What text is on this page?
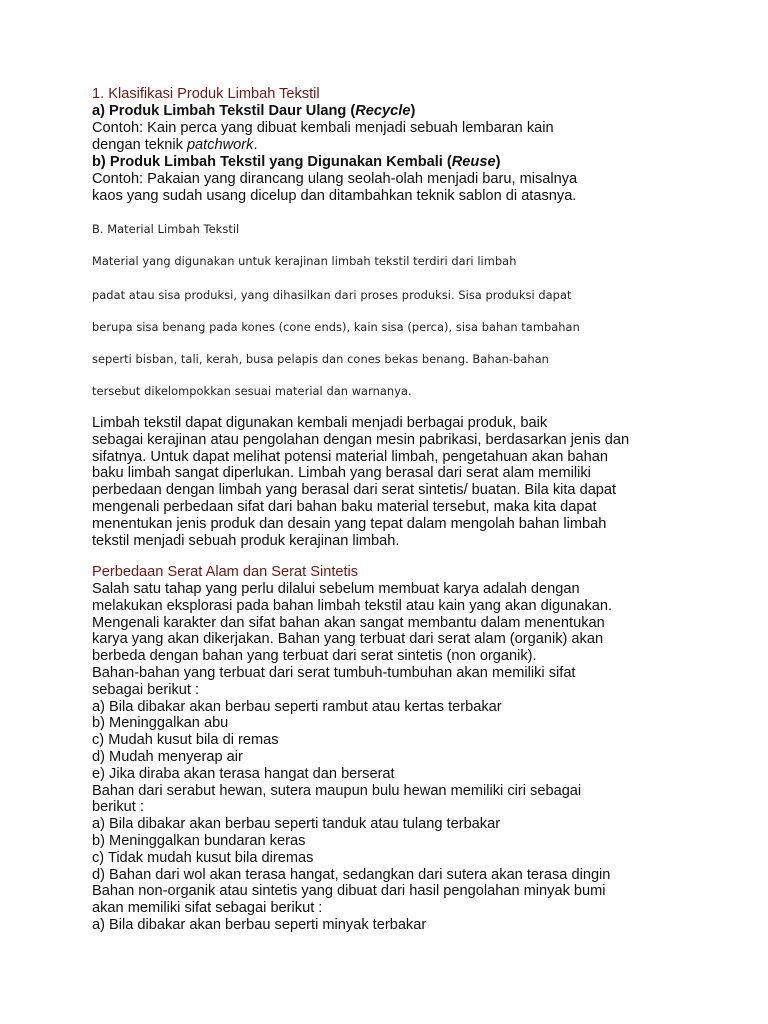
1. Klasifikasi Produk Limbah Tekstil

a) Produk Limbah Tekstil Daur Ulang (Recycle)

Contoh: Kain perca yang dibuat kembali menjadi sebuah lembaran kain

dengan teknik patchwork.

b) Produk Limbah Tekstil yang Digunakan Kembali (Reuse)

Contoh: Pakaian yang dirancang ulang seolah-olah menjadi baru, misalnya

kaos yang sudah usang dicelup dan ditambahkan teknik sablon di atasnya.

B. Material Limbah Tekstil

Material yang digunakan untuk kerajinan limbah tekstil terdiri dari limbah

padat atau sisa produksi, yang dihasilkan dari proses produksi. Sisa produksi dapat

berupa sisa benang pada kones (cone ends), kain sisa (perca), sisa bahan tambahan

seperti bisban, tali, kerah, busa pelapis dan cones bekas benang. Bahan-bahan

tersebut dikelompokkan sesuai material dan warnanya.

Limbah tekstil dapat digunakan kembali menjadi berbagai produk, baik
sebagai kerajinan atau pengolahan dengan mesin pabrikasi, berdasarkan jenis dan
sifatnya. Untuk dapat melihat potensi material limbah, pengetahuan akan bahan
baku limbah sangat diperlukan. Limbah yang berasal dari serat alam memiliki
perbedaan dengan limbah yang berasal dari serat sintetis/ buatan. Bila kita dapat
mengenali perbedaan sifat dari bahan baku material tersebut, maka kita dapat
menentukan jenis produk dan desain yang tepat dalam mengolah bahan limbah
tekstil menjadi sebuah produk kerajinan limbah.

Perbedaan Serat Alam dan Serat Sintetis

Salah satu tahap yang perlu dilalui sebelum membuat karya adalah dengan
melakukan eksplorasi pada bahan limbah tekstil atau kain yang akan digunakan.
Mengenali karakter dan sifat bahan akan sangat membantu dalam menentukan
karya yang akan dikerjakan. Bahan yang terbuat dari serat alam (organik) akan
berbeda dengan bahan yang terbuat dari serat sintetis (non organik).
Bahan-bahan yang terbuat dari serat tumbuh-tumbuhan akan memiliki sifat
sebagai berikut :
a) Bila dibakar akan berbau seperti rambut atau kertas terbakar
b) Meninggalkan abu
c) Mudah kusut bila di remas
d) Mudah menyerap air
e) Jika diraba akan terasa hangat dan berserat
Bahan dari serabut hewan, sutera maupun bulu hewan memiliki ciri sebagai
berikut :
a) Bila dibakar akan berbau seperti tanduk atau tulang terbakar
b) Meninggalkan bundaran keras
c) Tidak mudah kusut bila diremas
d) Bahan dari wol akan terasa hangat, sedangkan dari sutera akan terasa dingin
Bahan non-organik atau sintetis yang dibuat dari hasil pengolahan minyak bumi
akan memiliki sifat sebagai berikut :
a) Bila dibakar akan berbau seperti minyak terbakar
